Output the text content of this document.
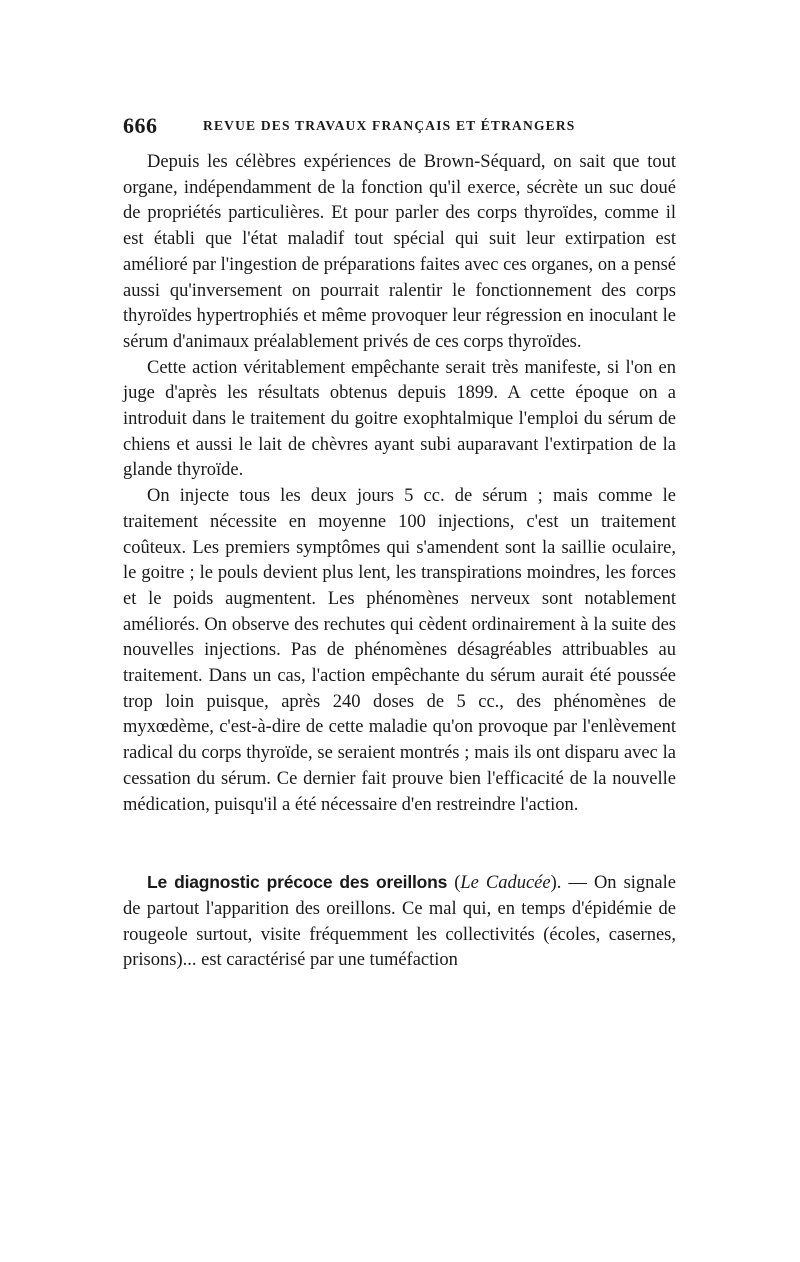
666	REVUE DES TRAVAUX FRANÇAIS ET ÉTRANGERS

Depuis les célèbres expériences de Brown-Séquard, on sait que tout organe, indépendamment de la fonction qu'il exerce, sécrète un suc doué de propriétés particulières. Et pour parler des corps thyroïdes, comme il est établi que l'état maladif tout spécial qui suit leur extirpation est amélioré par l'ingestion de préparations faites avec ces organes, on a pensé aussi qu'inversement on pourrait ralentir le fonctionnement des corps thyroïdes hypertrophiés et même provoquer leur régression en inoculant le sérum d'animaux préalablement privés de ces corps thyroïdes.

Cette action véritablement empêchante serait très manifeste, si l'on en juge d'après les résultats obtenus depuis 1899. A cette époque on a introduit dans le traitement du goitre exophtalmique l'emploi du sérum de chiens et aussi le lait de chèvres ayant subi auparavant l'extirpation de la glande thyroïde.

On injecte tous les deux jours 5 cc. de sérum ; mais comme le traitement nécessite en moyenne 100 injections, c'est un traitement coûteux. Les premiers symptômes qui s'amendent sont la saillie oculaire, le goitre ; le pouls devient plus lent, les transpirations moindres, les forces et le poids augmentent. Les phénomènes nerveux sont notablement améliorés. On observe des rechutes qui cèdent ordinairement à la suite des nouvelles injections. Pas de phénomènes désagréables attribuables au traitement. Dans un cas, l'action empêchante du sérum aurait été poussée trop loin puisque, après 240 doses de 5 cc., des phénomènes de myxœdème, c'est-à-dire de cette maladie qu'on provoque par l'enlèvement radical du corps thyroïde, se seraient montrés ; mais ils ont disparu avec la cessation du sérum. Ce dernier fait prouve bien l'efficacité de la nouvelle médication, puisqu'il a été nécessaire d'en restreindre l'action.

Le diagnostic précoce des oreillons (Le Caducée). — On signale de partout l'apparition des oreillons. Ce mal qui, en temps d'épidémie de rougeole surtout, visite fréquemment les collectivités (écoles, casernes, prisons)... est caractérisé par une tuméfaction
